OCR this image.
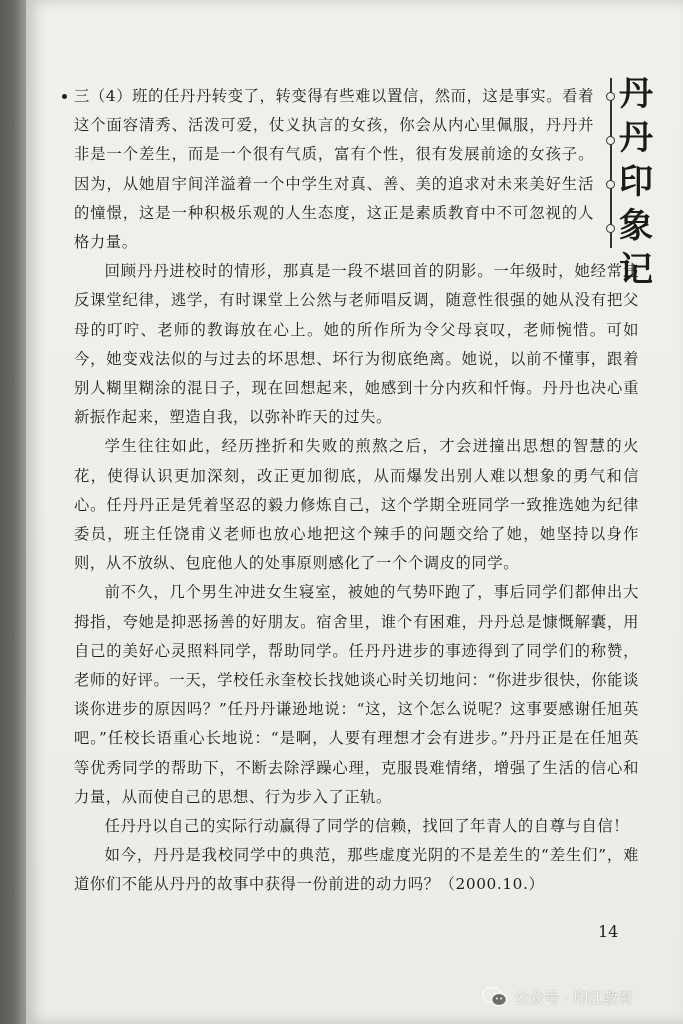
三（4）班的任丹丹转变了，转变得有些难以置信，然而，这是事实。看着这个面容清秀、活泼可爱，仗义执言的女孩，你会从内心里佩服，丹丹并非是一个差生，而是一个很有气质，富有个性，很有发展前途的女孩子。因为，从她眉宇间洋溢着一个中学生对真、善、美的追求对未来美好生活的憧憬，这是一种积极乐观的人生态度，这正是素质教育中不可忽视的人格力量。

回顾丹丹进校时的情形，那真是一段不堪回首的阴影。一年级时，她经常违反课堂纪律，逃学，有时课堂上公然与老师唱反调，随意性很强的她从没有把父母的叮咛、老师的教诲放在心上。她的所作所为令父母哀叹，老师惋惜。可如今，她变戏法似的与过去的坏思想、坏行为彻底绝离。她说，以前不懂事，跟着别人糊里糊涂的混日子，现在回想起来，她感到十分内疚和忏悔。丹丹也决心重新振作起来，塑造自我，以弥补昨天的过失。

学生往往如此，经历挫折和失败的煎熬之后，才会迸撞出思想的智慧的火花，使得认识更加深刻，改正更加彻底，从而爆发出别人难以想象的勇气和信心。任丹丹正是凭着坚忍的毅力修炼自己，这个学期全班同学一致推选她为纪律委员，班主任饶甫义老师也放心地把这个辣手的问题交给了她，她坚持以身作则，从不放纵、包庇他人的处事原则感化了一个个调皮的同学。

前不久，几个男生冲进女生寝室，被她的气势吓跑了，事后同学们都伸出大拇指，夸她是抑恶扬善的好朋友。宿舍里，谁个有困难，丹丹总是慷慨解囊，用自己的美好心灵照料同学，帮助同学。任丹丹进步的事迹得到了同学们的称赞，老师的好评。一天，学校任永奎校长找她谈心时关切地问：“你进步很快，你能谈谈你进步的原因吗？”任丹丹谦逊地说：“这，这个怎么说呢？这事要感谢任旭英吧。”任校长语重心长地说：“是啊，人要有理想才会有进步。”丹丹正是在任旭英等优秀同学的帮助下，不断去除浮躁心理，克服畏难情绪，增强了生活的信心和力量，从而使自己的思想、行为步入了正轨。

任丹丹以自己的实际行动赢得了同学的信赖，找回了年青人的自尊与自信！

如今，丹丹是我校同学中的典范，那些虚度光阴的不是差生的“差生们”，难道你们不能从丹丹的故事中获得一份前进的动力吗？（2000.10.）

丹
丹
印
象
记
14
公众号 · 印江教育
